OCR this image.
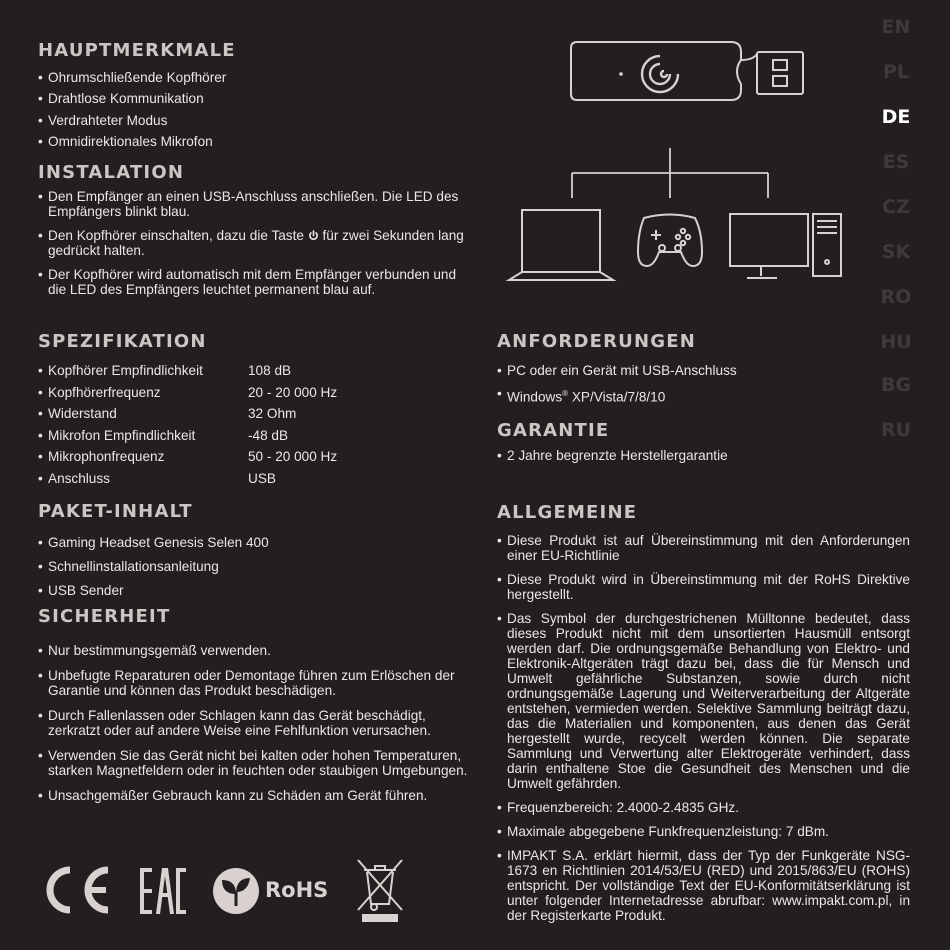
EN
PL
DE
ES
CZ
SK
RO
HU
BG
RU
HAUPTMERKMALE
• Ohrumschließende Kopfhörer
• Drahtlose Kommunikation
• Verdrahteter Modus
• Omnidirektionales Mikrofon
INSTALATION
• Den Empfänger an einen USB-Anschluss anschließen. Die LED des Empfängers blinkt blau.
• Den Kopfhörer einschalten, dazu die Taste für zwei Sekunden lang gedrückt halten.
• Der Kopfhörer wird automatisch mit dem Empfänger verbunden und die LED des Empfängers leuchtet permanent blau auf.
SPEZIFIKATION
• Kopfhörer Empfindlichkeit	108 dB
• Kopfhörerfrequenz	20 - 20 000 Hz
• Widerstand	32 Ohm
• Mikrofon Empfindlichkeit	-48 dB
• Mikrophonfrequenz	50 - 20 000 Hz
• Anschluss	USB
PAKET-INHALT
• Gaming Headset Genesis Selen 400
• Schnellinstallationsanleitung
• USB Sender
SICHERHEIT
• Nur bestimmungsgemäß verwenden.
• Unbefugte Reparaturen oder Demontage führen zum Erlöschen der Garantie und können das Produkt beschädigen.
• Durch Fallenlassen oder Schlagen kann das Gerät beschädigt, zerkratzt oder auf andere Weise eine Fehlfunktion verursachen.
• Verwenden Sie das Gerät nicht bei kalten oder hohen Temperaturen, starken Magnetfeldern oder in feuchten oder staubigen Umgebungen.
• Unsachgemäßer Gebrauch kann zu Schäden am Gerät führen.
ANFORDERUNGEN
• PC oder ein Gerät mit USB-Anschluss
• Windows® XP/Vista/7/8/10
GARANTIE
• 2 Jahre begrenzte Herstellergarantie
ALLGEMEINE
• Diese Produkt ist auf Übereinstimmung mit den Anforderungen einer EU-Richtlinie
• Diese Produkt wird in Übereinstimmung mit der RoHS Direktive hergestellt.
• Das Symbol der durchgestrichenen Mülltonne bedeutet, dass dieses Produkt nicht mit dem unsortierten Hausmüll entsorgt werden darf. Die ordnungsgemäße Behandlung von Elektro- und Elektronik-Altgeräten trägt dazu bei, dass die für Mensch und Umwelt gefährliche Substanzen, sowie durch nicht ordnungsgemäße Lagerung und Weiterverarbeitung der Altgeräte entstehen, vermieden werden. Selektive Sammlung beiträgt dazu, das die Materialien und komponenten, aus denen das Gerät hergestellt wurde, recycelt werden können. Die separate Sammlung und Verwertung alter Elektrogeräte verhindert, dass darin enthaltene Stoe die Gesundheit des Menschen und die Umwelt gefährden.
• Frequenzbereich: 2.4000-2.4835 GHz.
• Maximale abgegebene Funkfrequenzleistung: 7 dBm.
• IMPAKT S.A. erklärt hiermit, dass der Typ der Funkgeräte NSG-1673 en Richtlinien 2014/53/EU (RED) und 2015/863/EU (ROHS) entspricht. Der vollständige Text der EU-Konformitätserklärung ist unter folgender Internetadresse abrufbar: www.impakt.com.pl, in der Registerkarte Produkt.
RoHS
